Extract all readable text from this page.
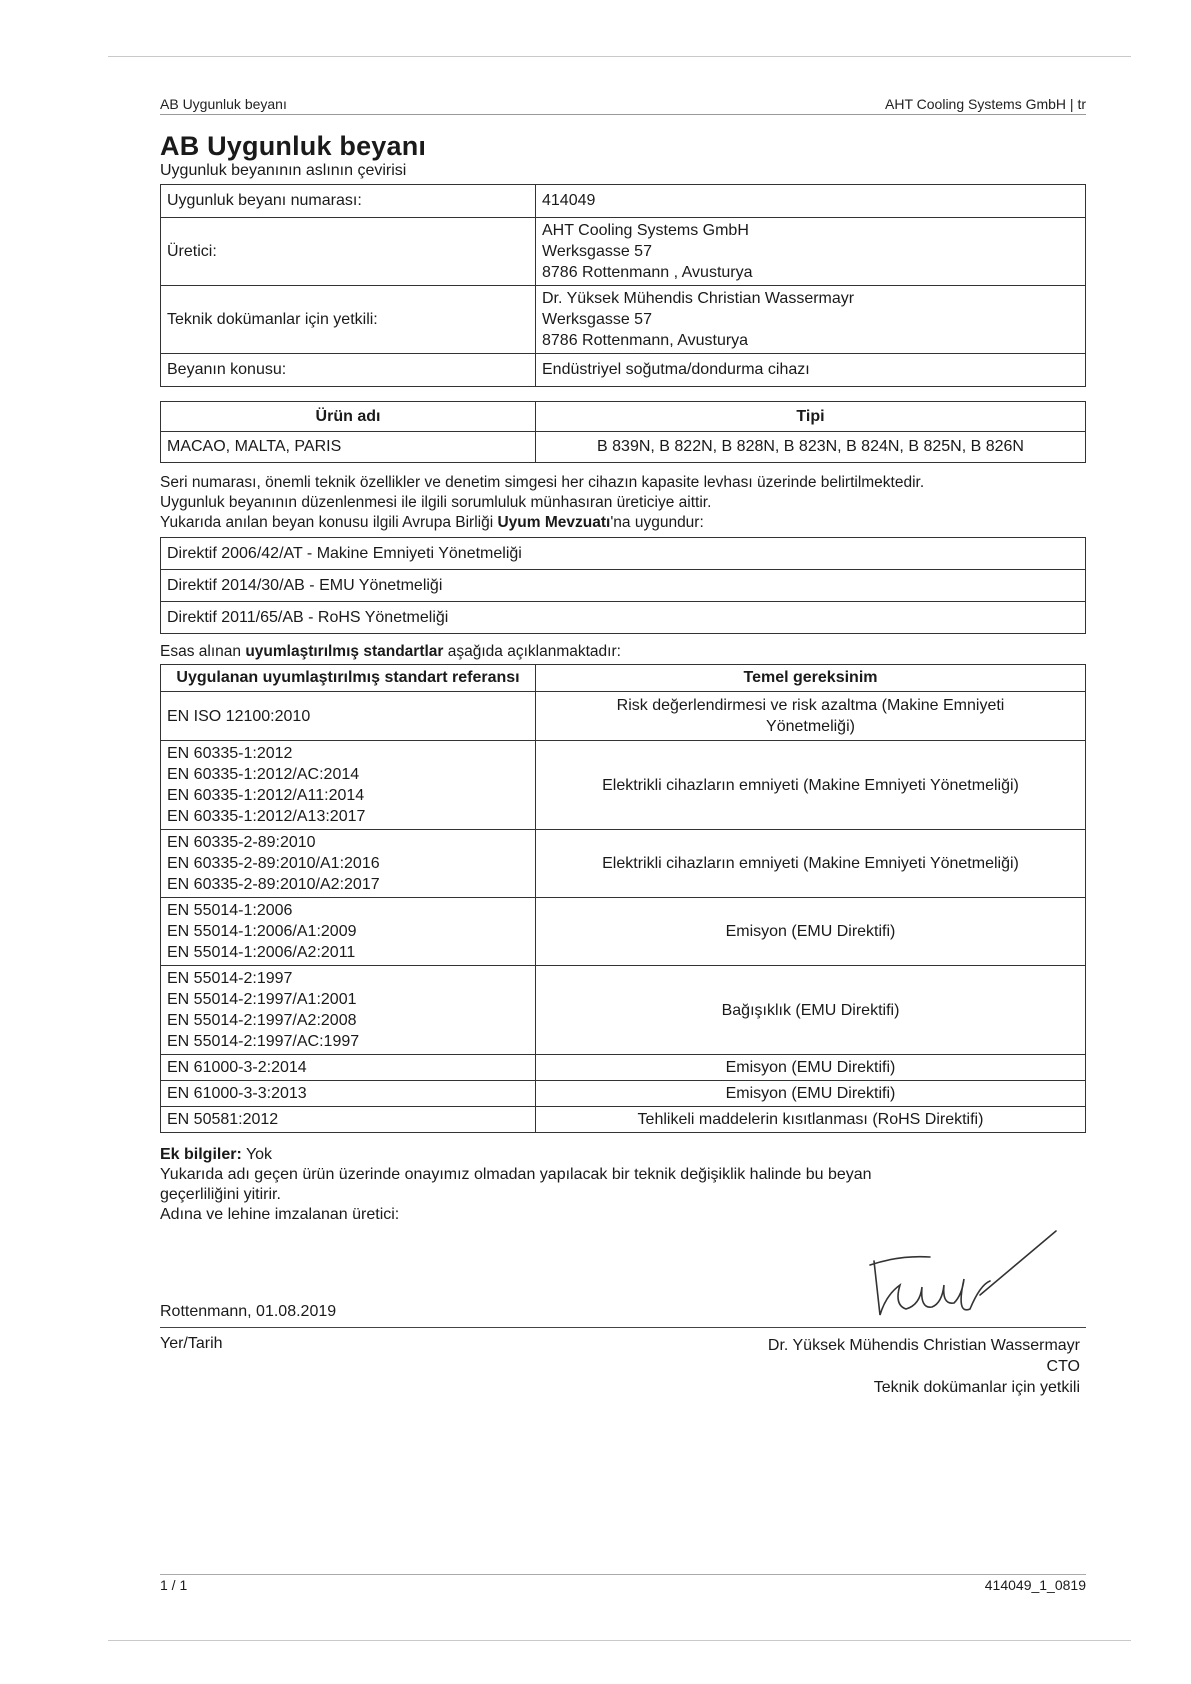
AB Uygunluk beyanı	AHT Cooling Systems GmbH | tr
AB Uygunluk beyanı
Uygunluk beyanının aslının çevirisi
Uygunluk beyanı numarası:	414049
Üretici:	AHT Cooling Systems GmbH
Werksgasse 57
8786 Rottenmann , Avusturya

Teknik dokümanlar için yetkili:	Dr. Yüksek Mühendis Christian Wassermayr
Werksgasse 57
8786 Rottenmann, Avusturya

Beyanın konusu:	Endüstriyel soğutma/dondurma cihazı
Ürün adı	Tipi
MACAO, MALTA, PARIS	B 839N, B 822N, B 828N, B 823N, B 824N, B 825N, B 826N
Seri numarası, önemli teknik özellikler ve denetim simgesi her cihazın kapasite levhası üzerinde belirtilmektedir.
Uygunluk beyanının düzenlenmesi ile ilgili sorumluluk münhasıran üreticiye aittir.
Yukarıda anılan beyan konusu ilgili Avrupa Birliği Uyum Mevzuatı'na uygundur:
Direktif 2006/42/AT - Makine Emniyeti Yönetmeliği
Direktif 2014/30/AB - EMU Yönetmeliği
Direktif 2011/65/AB - RoHS Yönetmeliği
Esas alınan uyumlaştırılmış standartlar aşağıda açıklanmaktadır:
Uygulanan uyumlaştırılmış standart referansı	Temel gereksinim

EN ISO 12100:2010	Risk değerlendirmesi ve risk azaltma (Makine Emniyeti Yönetmeliği)

EN 60335-1:2012
EN 60335-1:2012/AC:2014
EN 60335-1:2012/A11:2014
EN 60335-1:2012/A13:2017	Elektrikli cihazların emniyeti (Makine Emniyeti Yönetmeliği)

EN 60335-2-89:2010
EN 60335-2-89:2010/A1:2016
EN 60335-2-89:2010/A2:2017	Elektrikli cihazların emniyeti (Makine Emniyeti Yönetmeliği)

EN 55014-1:2006
EN 55014-1:2006/A1:2009
EN 55014-1:2006/A2:2011	Emisyon (EMU Direktifi)

EN 55014-2:1997
EN 55014-2:1997/A1:2001
EN 55014-2:1997/A2:2008
EN 55014-2:1997/AC:1997	Bağışıklık (EMU Direktifi)

EN 61000-3-2:2014	Emisyon (EMU Direktifi)

EN 61000-3-3:2013	Emisyon (EMU Direktifi)

EN 50581:2012	Tehlikeli maddelerin kısıtlanması (RoHS Direktifi)
Ek bilgiler: Yok
Yukarıda adı geçen ürün üzerinde onayımız olmadan yapılacak bir teknik değişiklik halinde bu beyan
geçerliliğini yitirir.
Adına ve lehine imzalanan üretici:
Rottenmann, 01.08.2019
Yer/Tarih	Dr. Yüksek Mühendis Christian Wassermayr
CTO
Teknik dokümanlar için yetkili
1 / 1	414049_1_0819
